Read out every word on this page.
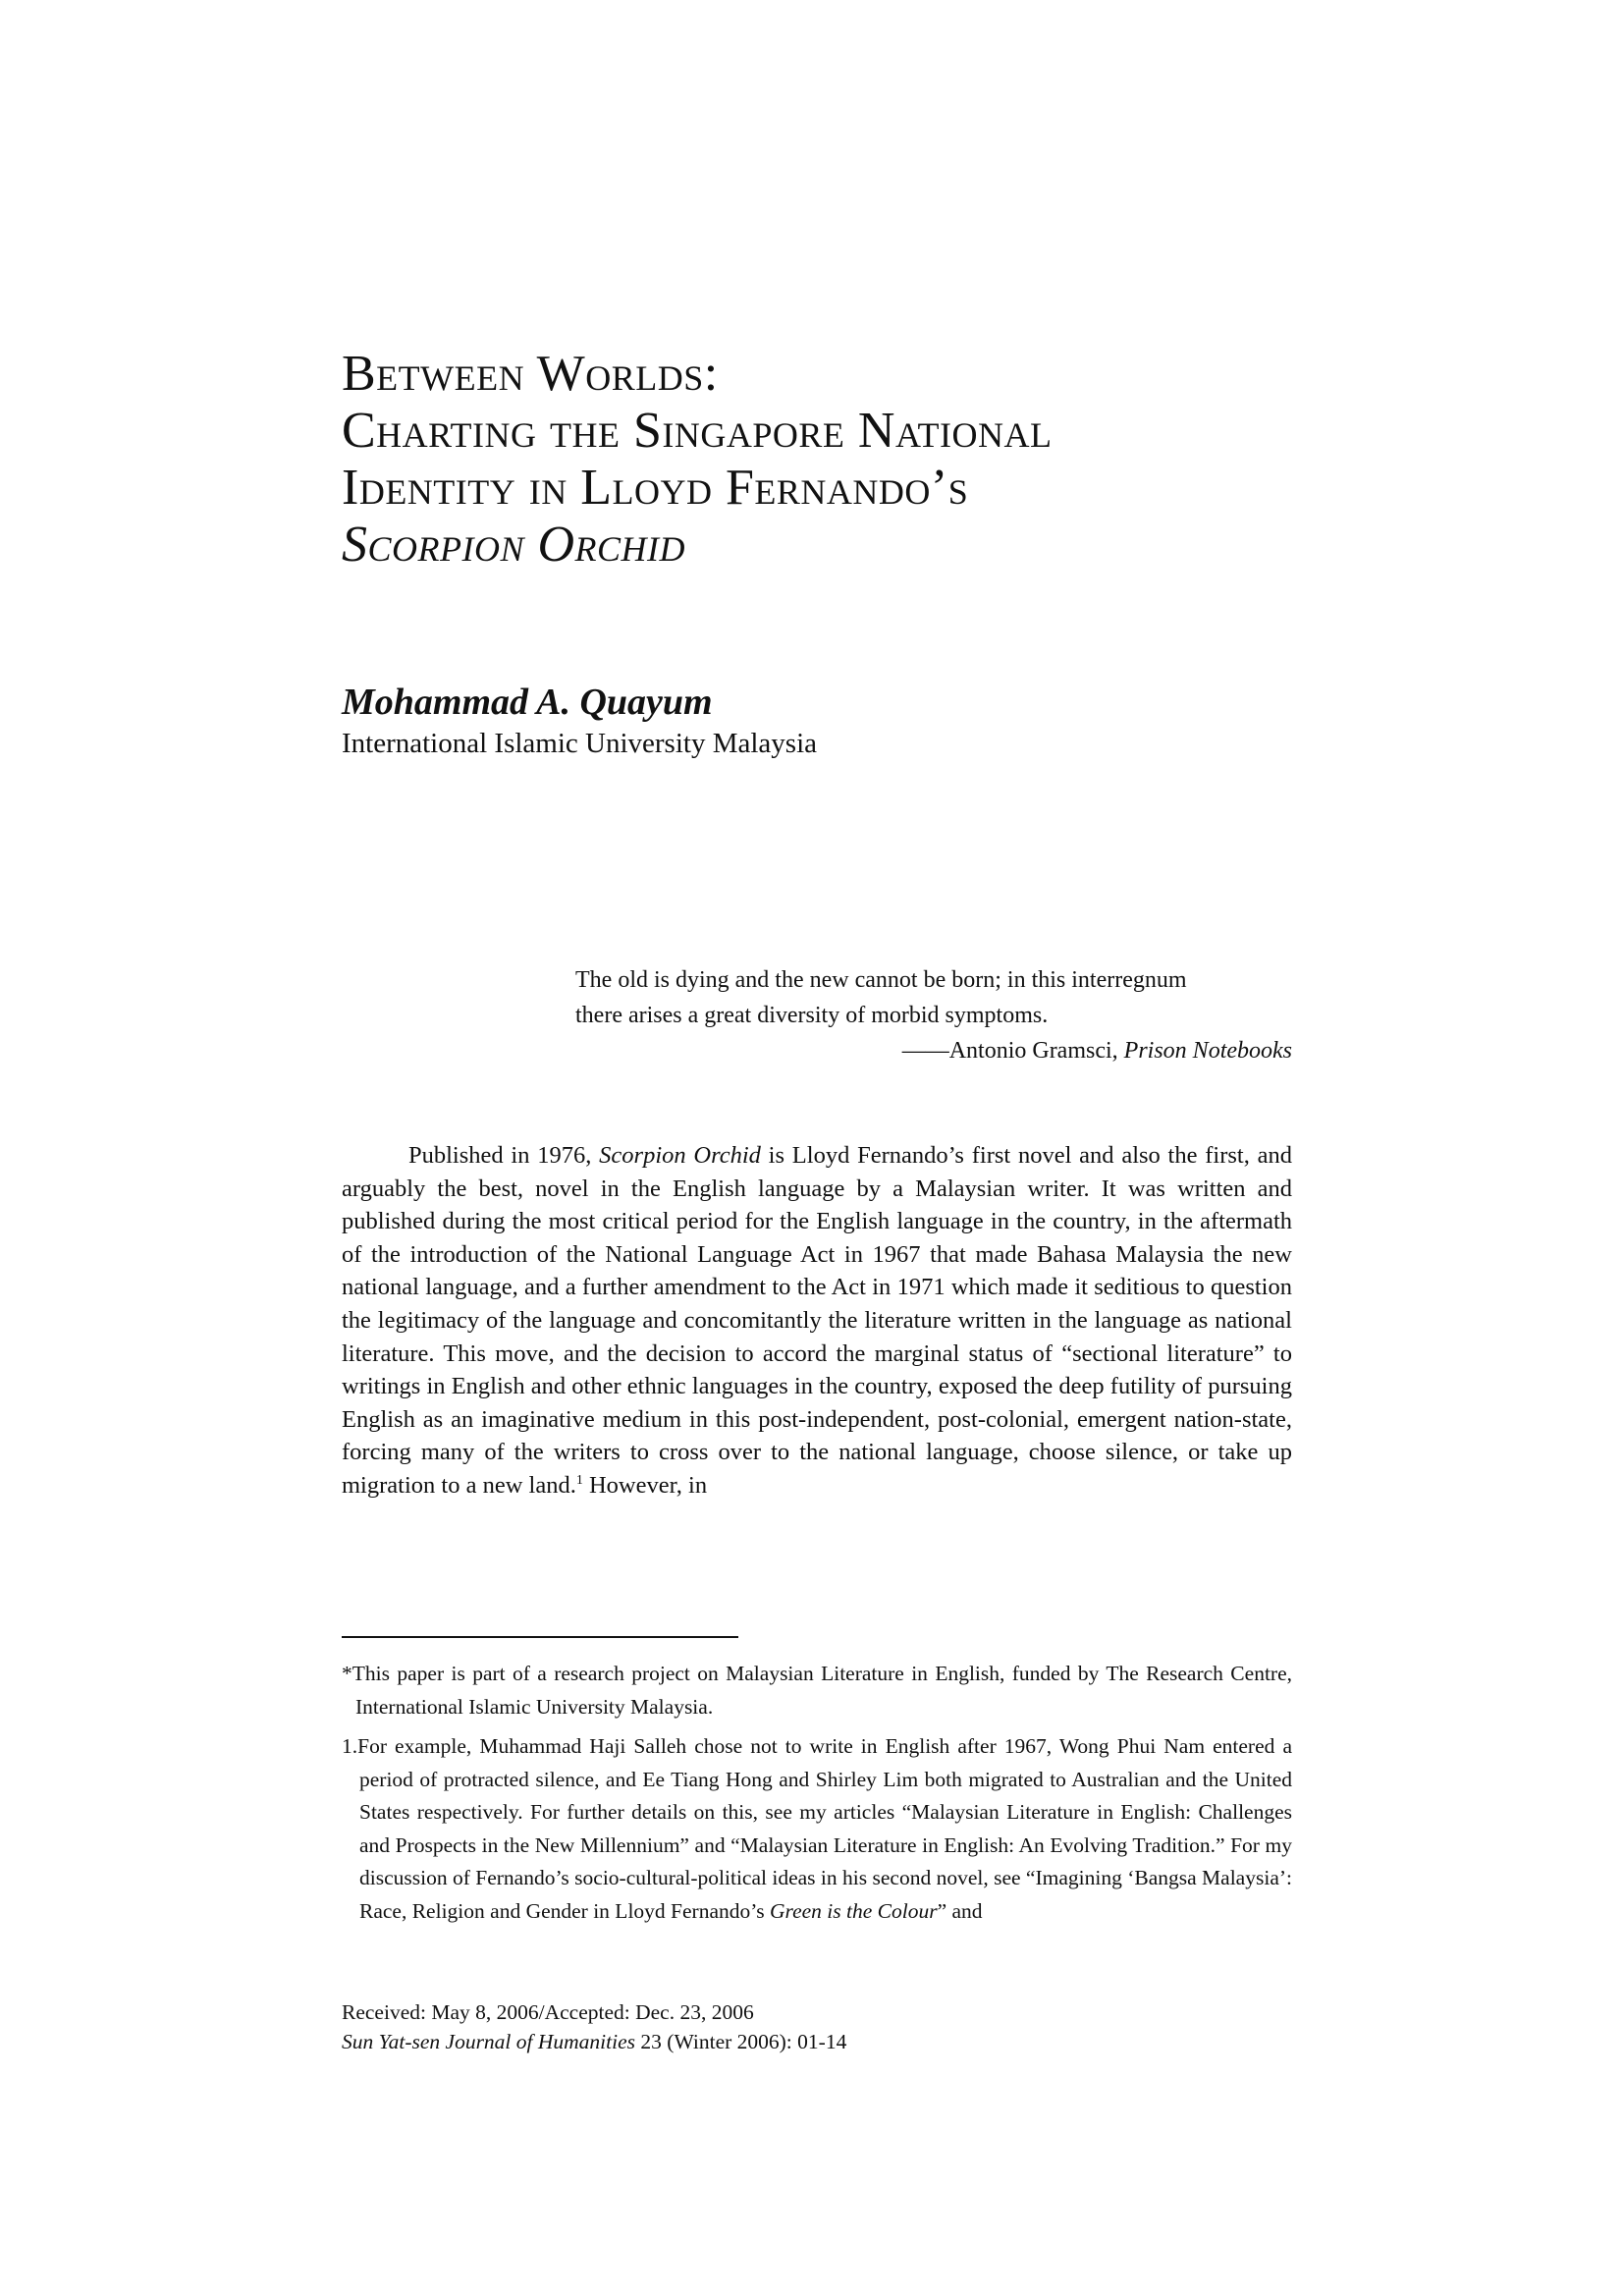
Between Worlds:
Charting the Singapore National
Identity in Lloyd Fernando’s
Scorpion Orchid

Mohammad A. Quayum

International Islamic University Malaysia

The old is dying and the new cannot be born; in this interregnum

there arises a great diversity of morbid symptoms.

——Antonio Gramsci, Prison Notebooks

Published in 1976, Scorpion Orchid is Lloyd Fernando’s first novel and also the first, and arguably the best, novel in the English language by a Malaysian writer. It was written and published during the most critical period for the English language in the country, in the aftermath of the introduction of the National Language Act in 1967 that made Bahasa Malaysia the new national language, and a further amendment to the Act in 1971 which made it seditious to question the legitimacy of the language and concomitantly the literature written in the language as national literature. This move, and the decision to accord the marginal status of “sectional literature” to writings in English and other ethnic languages in the country, exposed the deep futility of pursuing English as an imaginative medium in this post-independent, post-colonial, emergent nation-state, forcing many of the writers to cross over to the national language, choose silence, or take up migration to a new land.$^1$ However, in

*This paper is part of a research project on Malaysian Literature in English, funded by The Research Centre, International Islamic University Malaysia.

1.For example, Muhammad Haji Salleh chose not to write in English after 1967, Wong Phui Nam entered a period of protracted silence, and Ee Tiang Hong and Shirley Lim both migrated to Australian and the United States respectively. For further details on this, see my articles “Malaysian Literature in English: Challenges and Prospects in the New Millennium” and “Malaysian Literature in English: An Evolving Tradition.” For my discussion of Fernando’s socio-cultural-political ideas in his second novel, see “Imagining ‘Bangsa Malaysia’: Race, Religion and Gender in Lloyd Fernando’s Green is the Colour” and

Received: May 8, 2006/Accepted: Dec. 23, 2006

Sun Yat-sen Journal of Humanities 23 (Winter 2006): 01-14
